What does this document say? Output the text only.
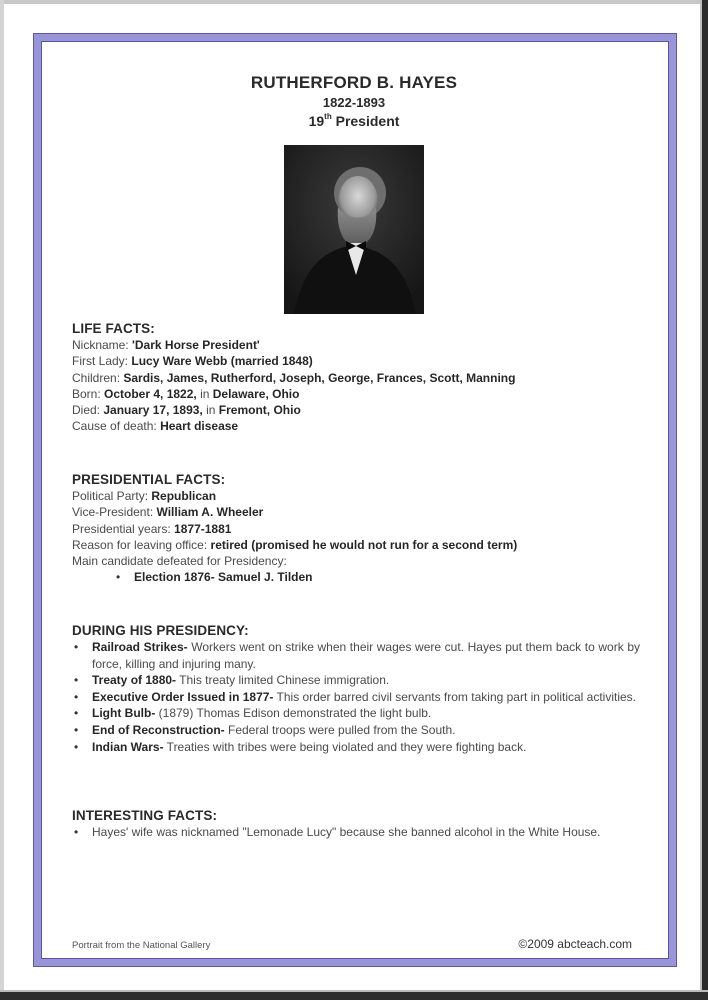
RUTHERFORD B. HAYES
1822-1893
19th President
LIFE FACTS:
Nickname: 'Dark Horse President'
First Lady: Lucy Ware Webb (married 1848)
Children: Sardis, James, Rutherford, Joseph, George, Frances, Scott, Manning
Born: October 4, 1822, in Delaware, Ohio
Died: January 17, 1893, in Fremont, Ohio
Cause of death: Heart disease
PRESIDENTIAL FACTS:
Political Party: Republican
Vice-President: William A. Wheeler
Presidential years: 1877-1881
Reason for leaving office: retired (promised he would not run for a second term)
Main candidate defeated for Presidency:
• Election 1876- Samuel J. Tilden
DURING HIS PRESIDENCY:
• Railroad Strikes- Workers went on strike when their wages were cut. Hayes put them back to work by force, killing and injuring many.
• Treaty of 1880- This treaty limited Chinese immigration.
• Executive Order Issued in 1877- This order barred civil servants from taking part in political activities.
• Light Bulb- (1879) Thomas Edison demonstrated the light bulb.
• End of Reconstruction- Federal troops were pulled from the South.
• Indian Wars- Treaties with tribes were being violated and they were fighting back.
INTERESTING FACTS:
• Hayes' wife was nicknamed "Lemonade Lucy" because she banned alcohol in the White House.
Portrait from the National Gallery	©2009 abcteach.com
